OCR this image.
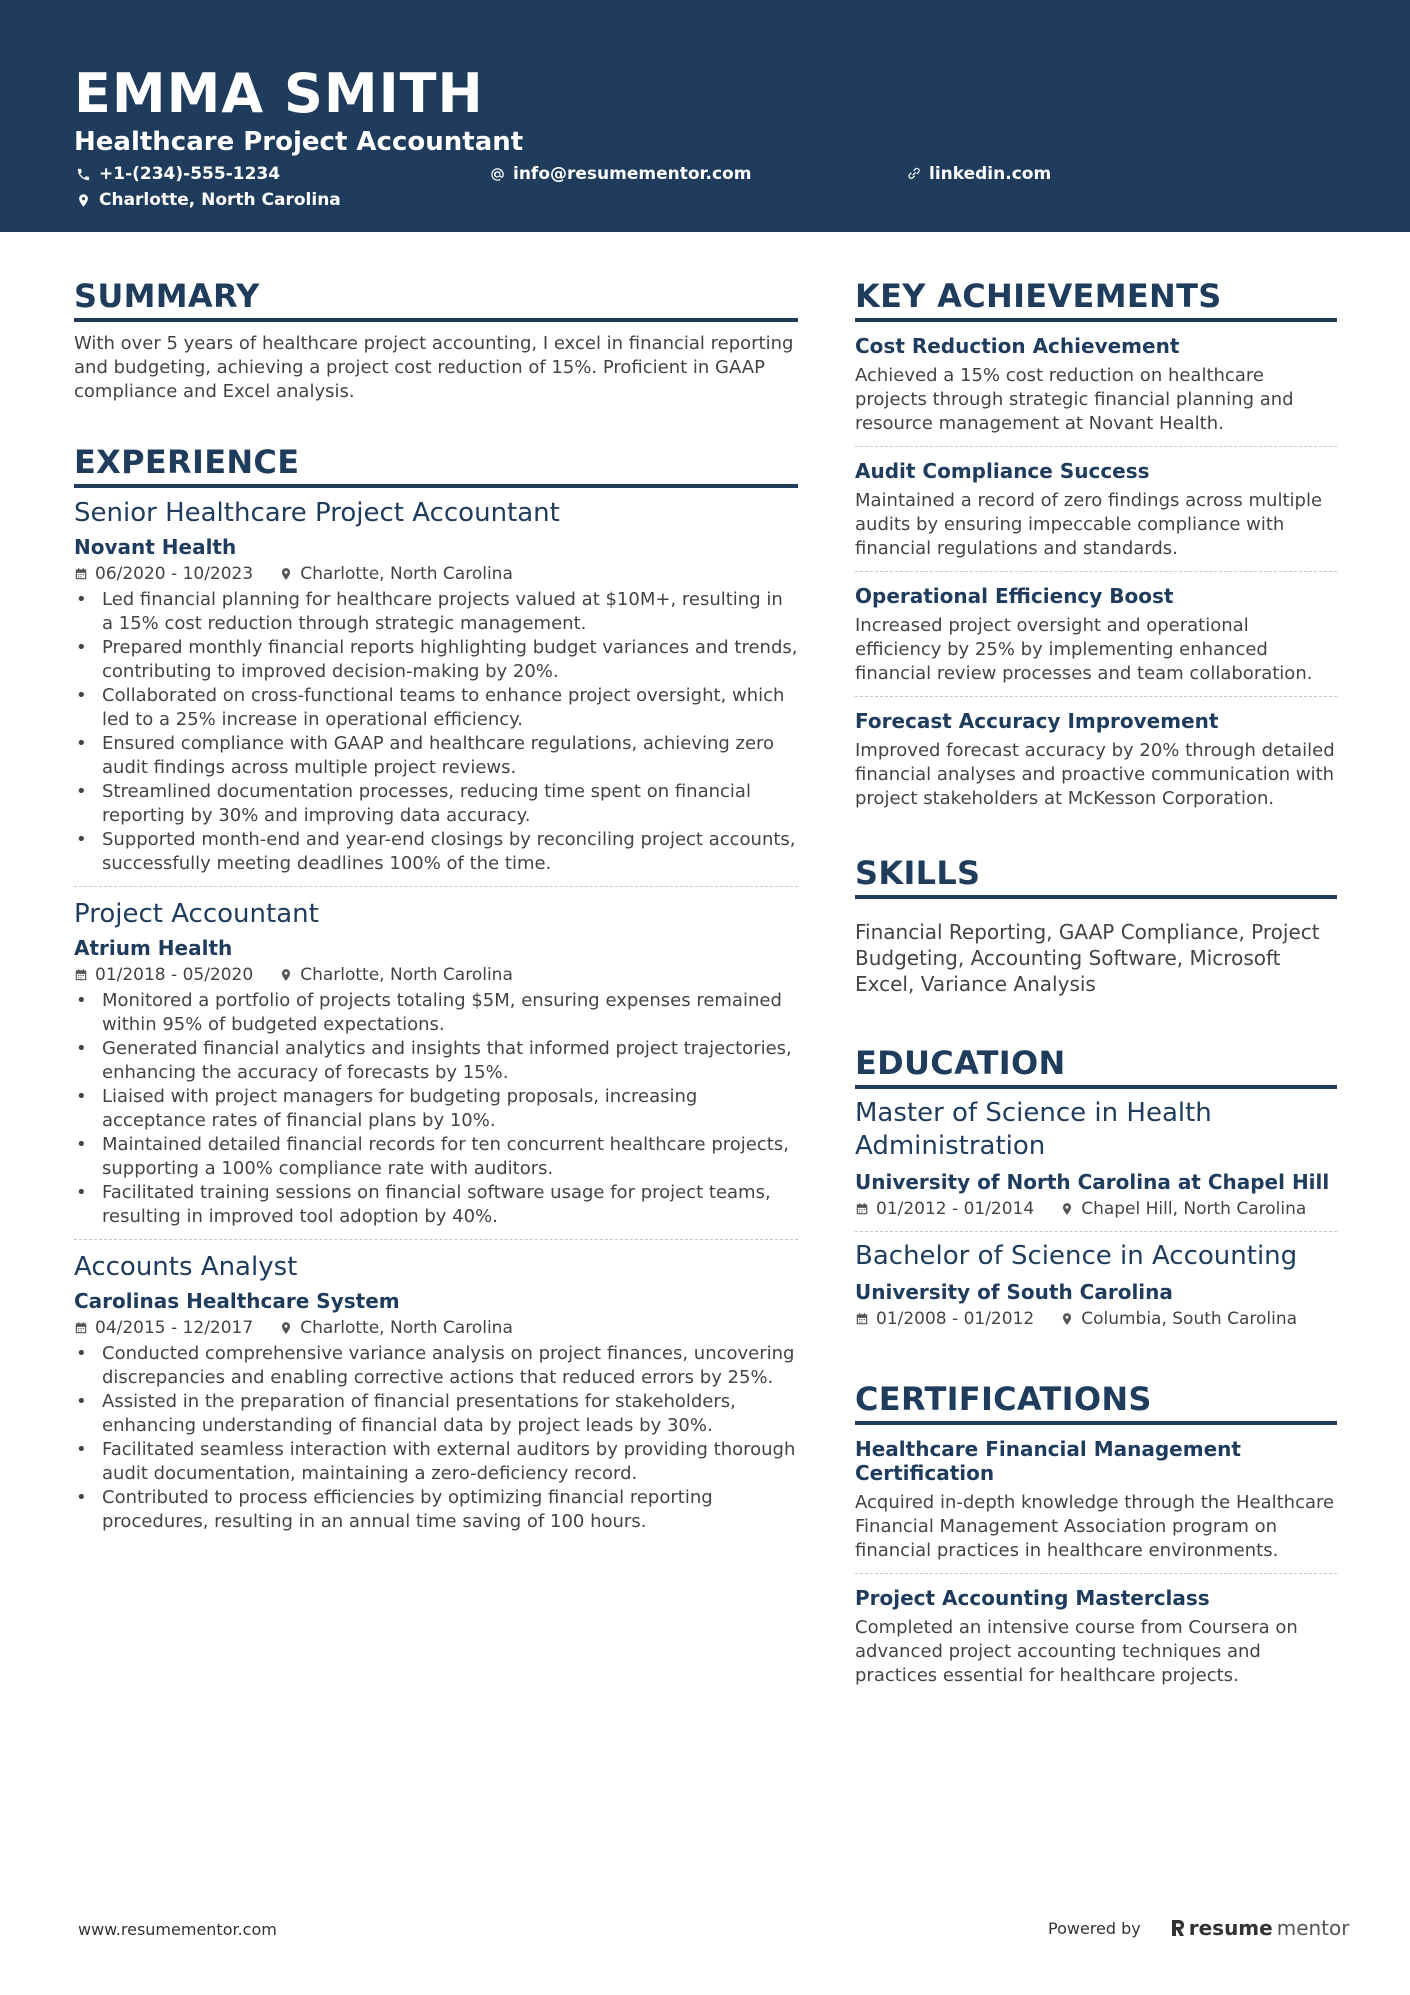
EMMA SMITH
Healthcare Project Accountant
+1-(234)-555-1234	info@resumementor.com	linkedin.com
Charlotte, North Carolina
SUMMARY
With over 5 years of healthcare project accounting, I excel in financial reporting and budgeting, achieving a project cost reduction of 15%. Proficient in GAAP compliance and Excel analysis.
EXPERIENCE
Senior Healthcare Project Accountant
Novant Health
06/2020 - 10/2023	Charlotte, North Carolina
• Led financial planning for healthcare projects valued at $10M+, resulting in a 15% cost reduction through strategic management.
• Prepared monthly financial reports highlighting budget variances and trends, contributing to improved decision-making by 20%.
• Collaborated on cross-functional teams to enhance project oversight, which led to a 25% increase in operational efficiency.
• Ensured compliance with GAAP and healthcare regulations, achieving zero audit findings across multiple project reviews.
• Streamlined documentation processes, reducing time spent on financial reporting by 30% and improving data accuracy.
• Supported month-end and year-end closings by reconciling project accounts, successfully meeting deadlines 100% of the time.
Project Accountant
Atrium Health
01/2018 - 05/2020	Charlotte, North Carolina
• Monitored a portfolio of projects totaling $5M, ensuring expenses remained within 95% of budgeted expectations.
• Generated financial analytics and insights that informed project trajectories, enhancing the accuracy of forecasts by 15%.
• Liaised with project managers for budgeting proposals, increasing acceptance rates of financial plans by 10%.
• Maintained detailed financial records for ten concurrent healthcare projects, supporting a 100% compliance rate with auditors.
• Facilitated training sessions on financial software usage for project teams, resulting in improved tool adoption by 40%.
Accounts Analyst
Carolinas Healthcare System
04/2015 - 12/2017	Charlotte, North Carolina
• Conducted comprehensive variance analysis on project finances, uncovering discrepancies and enabling corrective actions that reduced errors by 25%.
• Assisted in the preparation of financial presentations for stakeholders, enhancing understanding of financial data by project leads by 30%.
• Facilitated seamless interaction with external auditors by providing thorough audit documentation, maintaining a zero-deficiency record.
• Contributed to process efficiencies by optimizing financial reporting procedures, resulting in an annual time saving of 100 hours.
KEY ACHIEVEMENTS
Cost Reduction Achievement
Achieved a 15% cost reduction on healthcare projects through strategic financial planning and resource management at Novant Health.
Audit Compliance Success
Maintained a record of zero findings across multiple audits by ensuring impeccable compliance with financial regulations and standards.
Operational Efficiency Boost
Increased project oversight and operational efficiency by 25% by implementing enhanced financial review processes and team collaboration.
Forecast Accuracy Improvement
Improved forecast accuracy by 20% through detailed financial analyses and proactive communication with project stakeholders at McKesson Corporation.
SKILLS
Financial Reporting, GAAP Compliance, Project Budgeting, Accounting Software, Microsoft Excel, Variance Analysis
EDUCATION
Master of Science in Health Administration
University of North Carolina at Chapel Hill
01/2012 - 01/2014	Chapel Hill, North Carolina
Bachelor of Science in Accounting
University of South Carolina
01/2008 - 01/2012	Columbia, South Carolina
CERTIFICATIONS
Healthcare Financial Management Certification
Acquired in-depth knowledge through the Healthcare Financial Management Association program on financial practices in healthcare environments.
Project Accounting Masterclass
Completed an intensive course from Coursera on advanced project accounting techniques and practices essential for healthcare projects.
www.resumementor.com	Powered by resume mentor
